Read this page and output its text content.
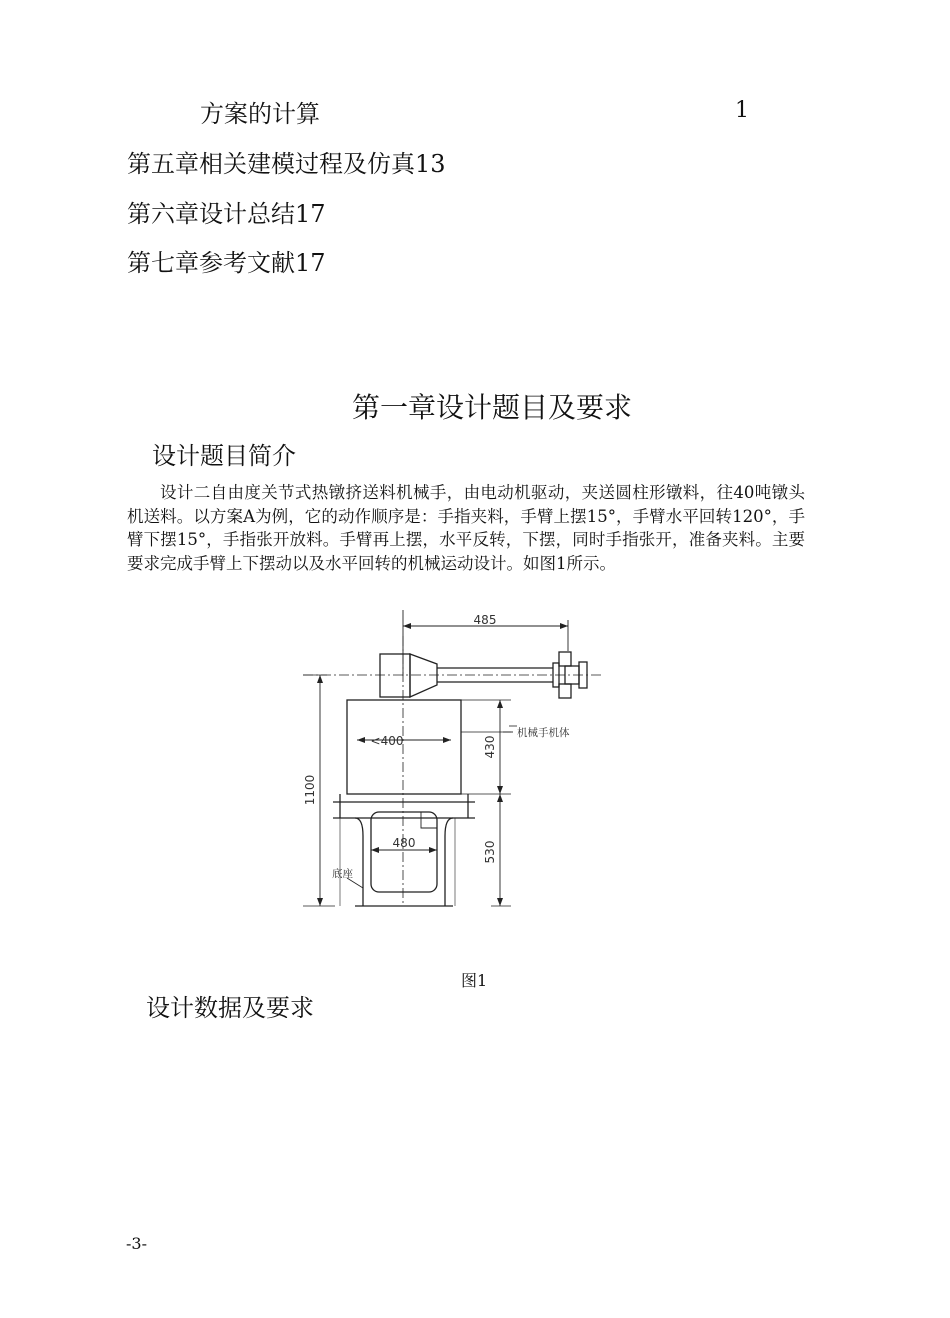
方案的计算	1
第五章相关建模过程及仿真13
第六章设计总结17
第七章参考文献17
第一章设计题目及要求
设计题目简介
设计二自由度关节式热镦挤送料机械手，由电动机驱动，夹送圆柱形镦料，往40吨镦头机送料。以方案A为例，它的动作顺序是：手指夹料，手臂上摆15°，手臂水平回转120°，手臂下摆15°，手指张开放料。手臂再上摆，水平反转，下摆，同时手指张开，准备夹料。主要要求完成手臂上下摆动以及水平回转的机械运动设计。如图1所示。
485
<400
480
430
530
1100
机械手机体
底座
图1
设计数据及要求
-3-
